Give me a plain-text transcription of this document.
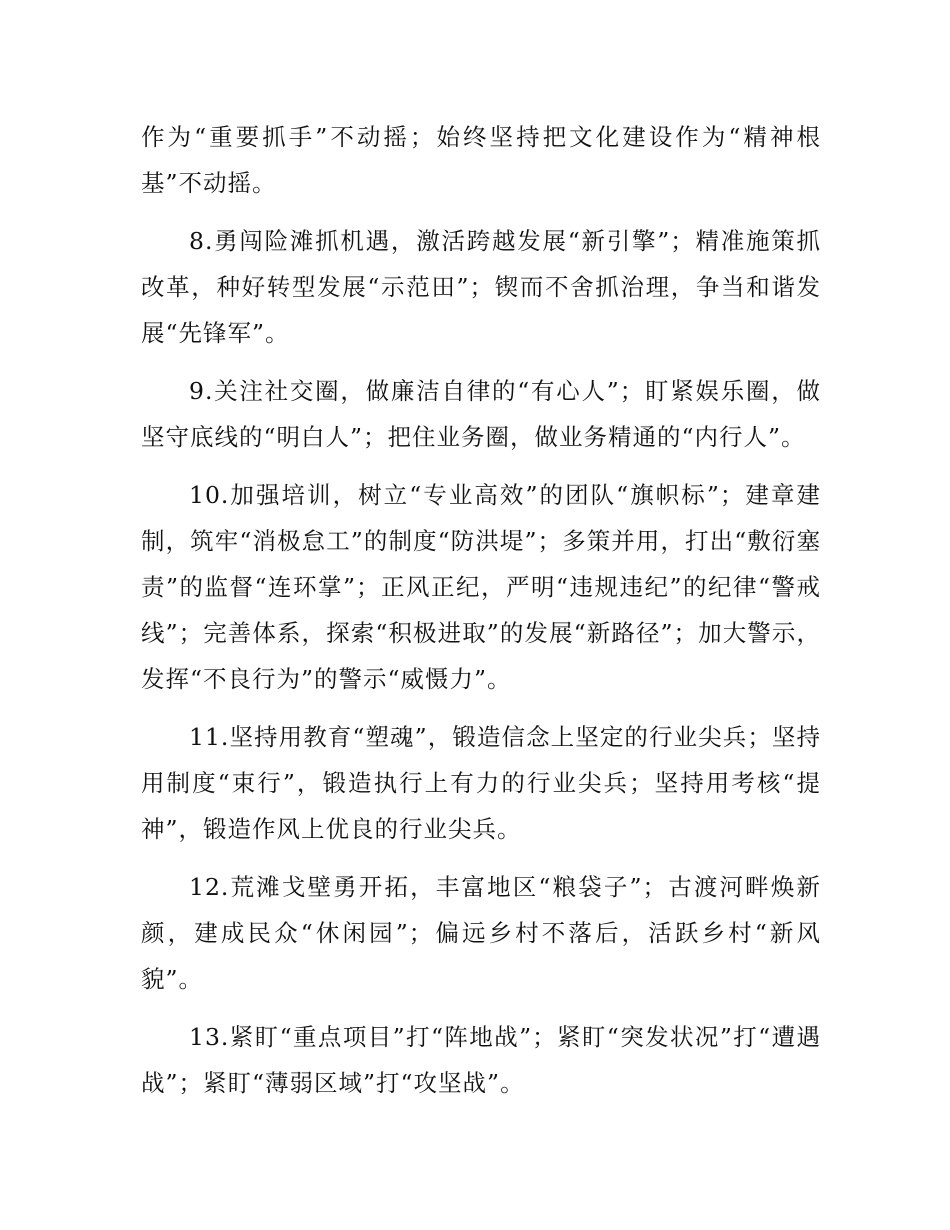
作为“重要抓手”不动摇；始终坚持把文化建设作为“精神根基”不动摇。

8.勇闯险滩抓机遇，激活跨越发展“新引擎”；精准施策抓改革，种好转型发展“示范田”；锲而不舍抓治理，争当和谐发展“先锋军”。

9.关注社交圈，做廉洁自律的“有心人”；盯紧娱乐圈，做坚守底线的“明白人”；把住业务圈，做业务精通的“内行人”。

10.加强培训，树立“专业高效”的团队“旗帜标”；建章建制，筑牢“消极怠工”的制度“防洪堤”；多策并用，打出“敷衍塞责”的监督“连环掌”；正风正纪，严明“违规违纪”的纪律“警戒线”；完善体系，探索“积极进取”的发展“新路径”；加大警示，发挥“不良行为”的警示“威慑力”。

11.坚持用教育“塑魂”，锻造信念上坚定的行业尖兵；坚持用制度“束行”，锻造执行上有力的行业尖兵；坚持用考核“提神”，锻造作风上优良的行业尖兵。

12.荒滩戈壁勇开拓，丰富地区“粮袋子”；古渡河畔焕新颜，建成民众“休闲园”；偏远乡村不落后，活跃乡村“新风貌”。

13.紧盯“重点项目”打“阵地战”；紧盯“突发状况”打“遭遇战”；紧盯“薄弱区域”打“攻坚战”。
